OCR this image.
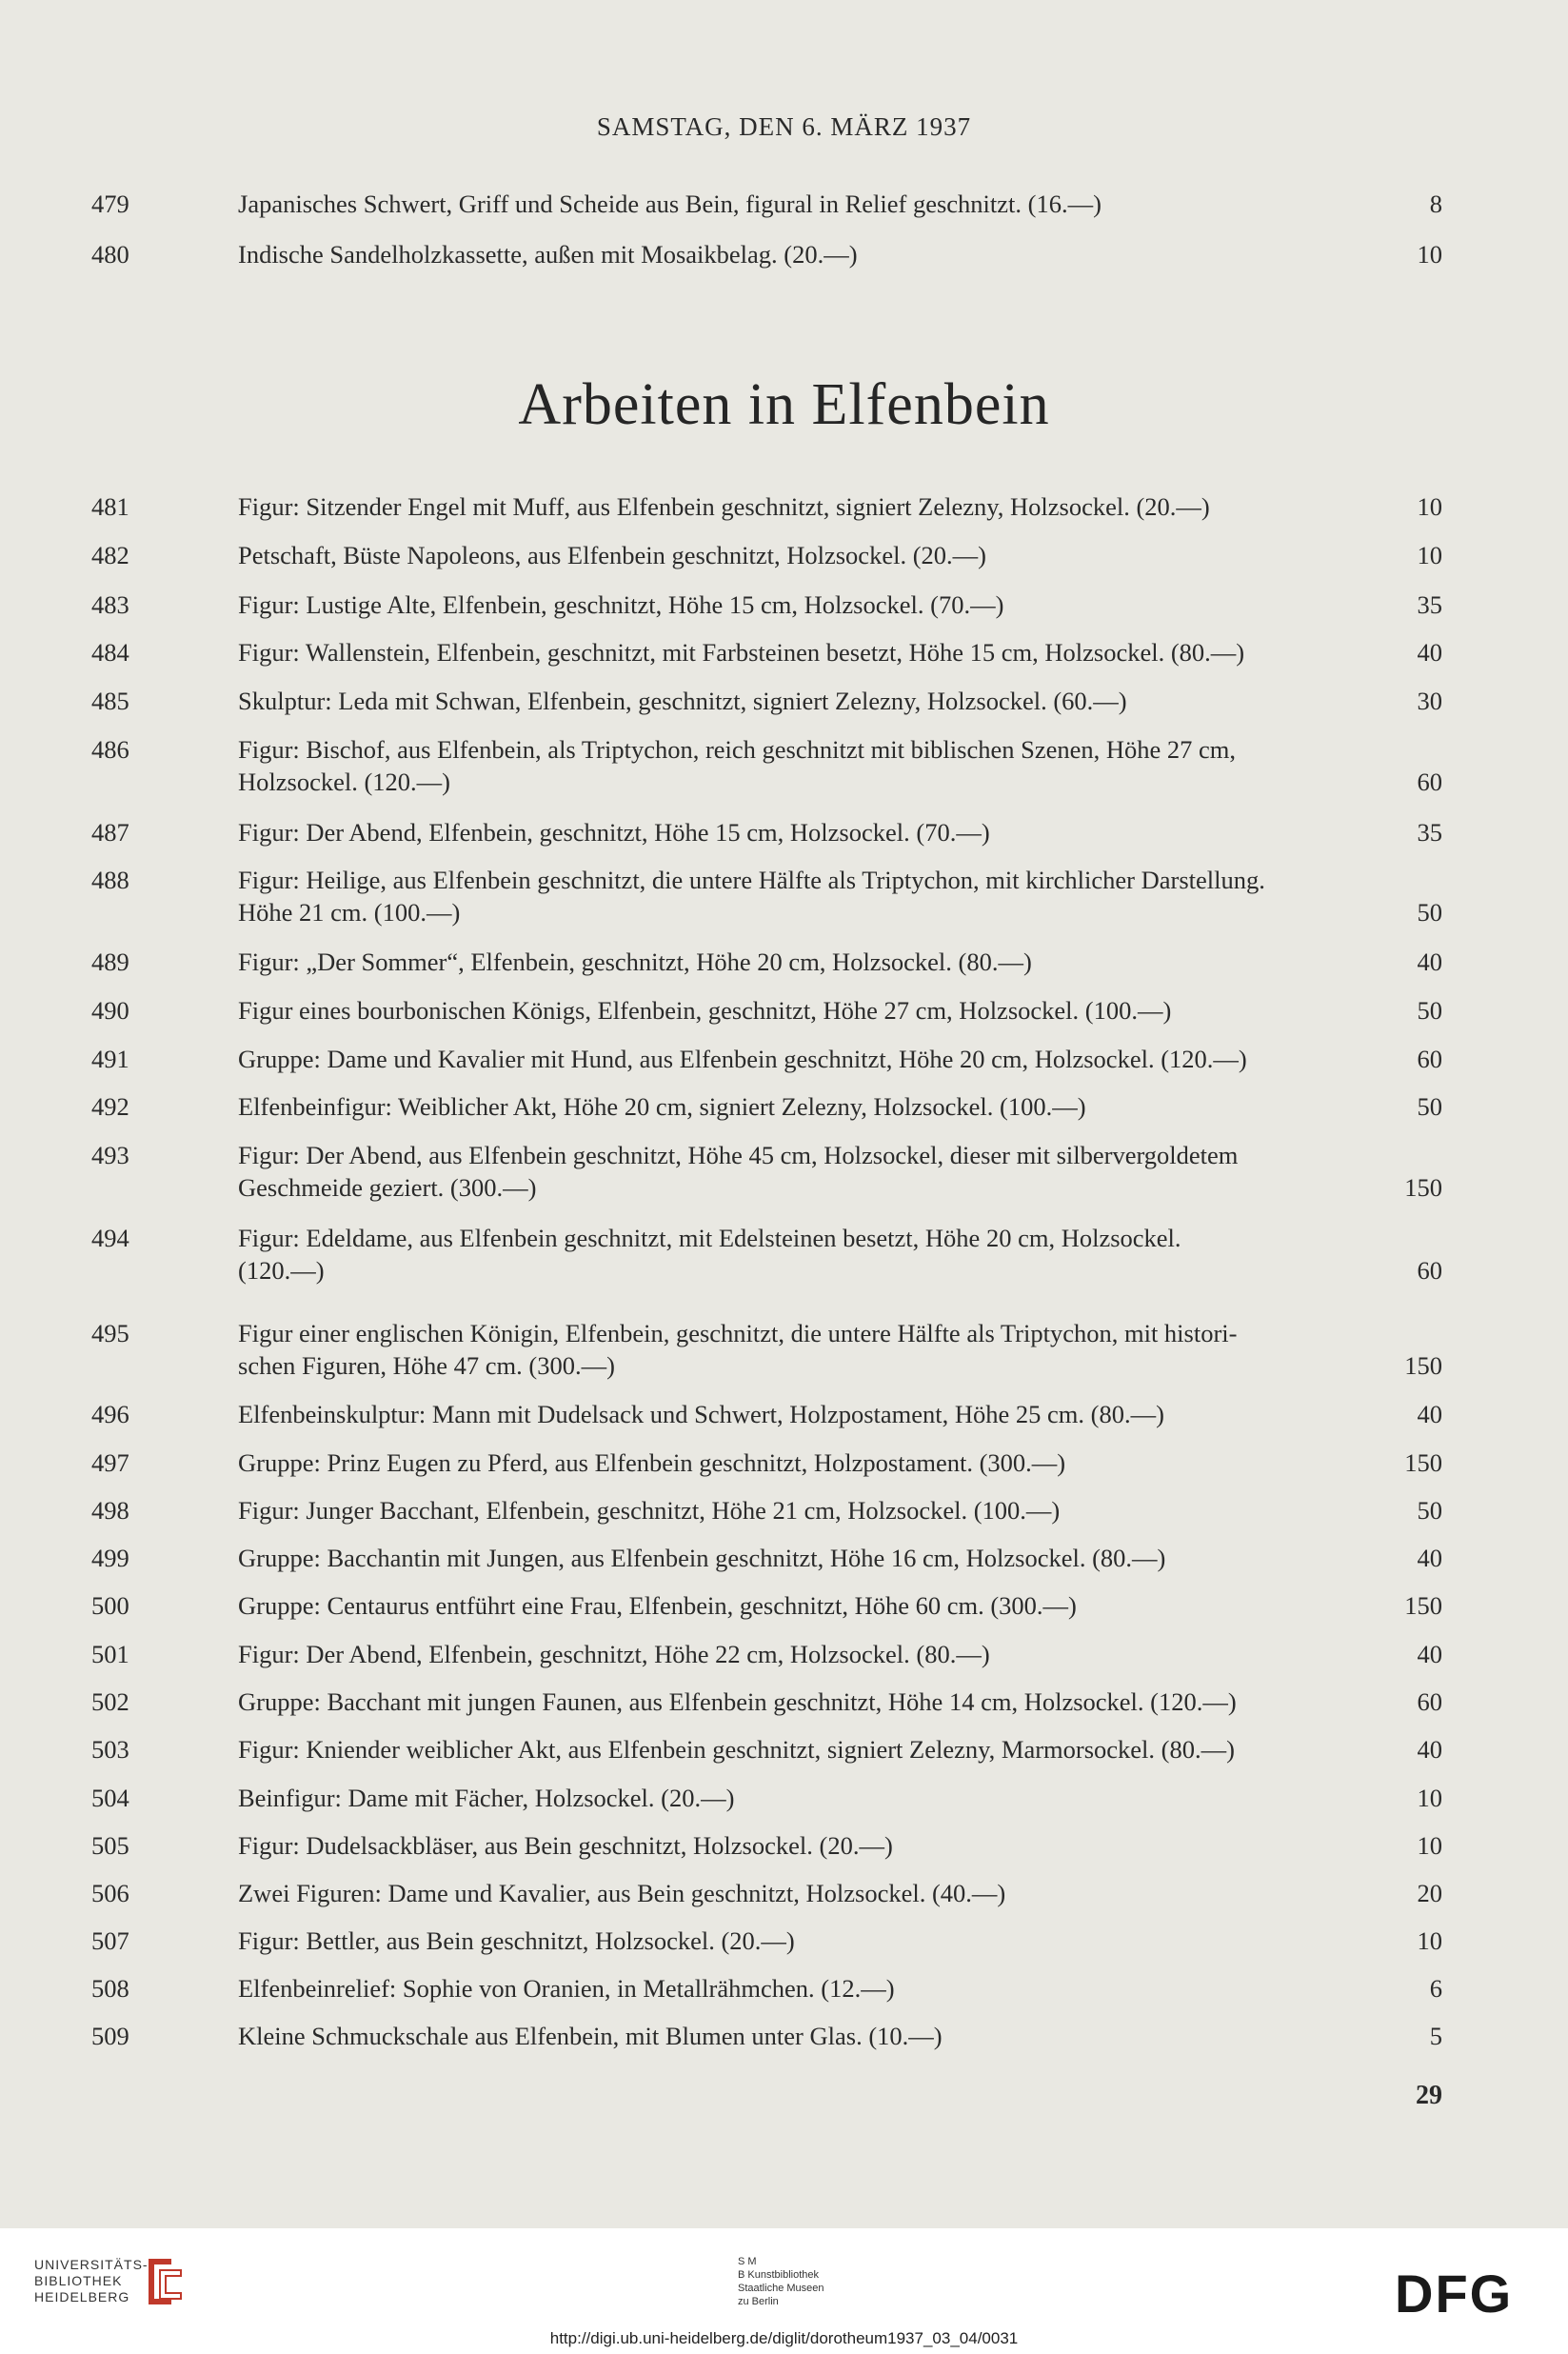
SAMSTAG, DEN 6. MÄRZ 1937
Arbeiten in Elfenbein
479	Japanisches Schwert, Griff und Scheide aus Bein, figural in Relief geschnitzt. (16.—)	8
480	Indische Sandelholzkassette, außen mit Mosaikbelag. (20.—)	10
481	Figur: Sitzender Engel mit Muff, aus Elfenbein geschnitzt, signiert Zelezny, Holzsockel. (20.—)	10
482	Petschaft, Büste Napoleons, aus Elfenbein geschnitzt, Holzsockel. (20.—)	10
483	Figur: Lustige Alte, Elfenbein, geschnitzt, Höhe 15 cm, Holzsockel. (70.—)	35
484	Figur: Wallenstein, Elfenbein, geschnitzt, mit Farbsteinen besetzt, Höhe 15 cm, Holzsockel. (80.—)	40
485	Skulptur: Leda mit Schwan, Elfenbein, geschnitzt, signiert Zelezny, Holzsockel. (60.—)	30
486	Figur: Bischof, aus Elfenbein, als Triptychon, reich geschnitzt mit biblischen Szenen, Höhe 27 cm,
Holzsockel. (120.—)	60
487	Figur: Der Abend, Elfenbein, geschnitzt, Höhe 15 cm, Holzsockel. (70.—)	35
488	Figur: Heilige, aus Elfenbein geschnitzt, die untere Hälfte als Triptychon, mit kirchlicher Darstellung.
Höhe 21 cm. (100.—)	50
489	Figur: „Der Sommer“, Elfenbein, geschnitzt, Höhe 20 cm, Holzsockel. (80.—)	40
490	Figur eines bourbonischen Königs, Elfenbein, geschnitzt, Höhe 27 cm, Holzsockel. (100.—)	50
491	Gruppe: Dame und Kavalier mit Hund, aus Elfenbein geschnitzt, Höhe 20 cm, Holzsockel. (120.—)	60
492	Elfenbeinfigur: Weiblicher Akt, Höhe 20 cm, signiert Zelezny, Holzsockel. (100.—)	50
493	Figur: Der Abend, aus Elfenbein geschnitzt, Höhe 45 cm, Holzsockel, dieser mit silbervergoldetem
Geschmeide geziert. (300.—)	150
494	Figur: Edeldame, aus Elfenbein geschnitzt, mit Edelsteinen besetzt, Höhe 20 cm, Holzsockel.
(120.—)	60
495	Figur einer englischen Königin, Elfenbein, geschnitzt, die untere Hälfte als Triptychon, mit histori-
schen Figuren, Höhe 47 cm. (300.—)	150
496	Elfenbeinskulptur: Mann mit Dudelsack und Schwert, Holzpostament, Höhe 25 cm. (80.—)	40
497	Gruppe: Prinz Eugen zu Pferd, aus Elfenbein geschnitzt, Holzpostament. (300.—)	150
498	Figur: Junger Bacchant, Elfenbein, geschnitzt, Höhe 21 cm, Holzsockel. (100.—)	50
499	Gruppe: Bacchantin mit Jungen, aus Elfenbein geschnitzt, Höhe 16 cm, Holzsockel. (80.—)	40
500	Gruppe: Centaurus entführt eine Frau, Elfenbein, geschnitzt, Höhe 60 cm. (300.—)	150
501	Figur: Der Abend, Elfenbein, geschnitzt, Höhe 22 cm, Holzsockel. (80.—)	40
502	Gruppe: Bacchant mit jungen Faunen, aus Elfenbein geschnitzt, Höhe 14 cm, Holzsockel. (120.—)	60
503	Figur: Kniender weiblicher Akt, aus Elfenbein geschnitzt, signiert Zelezny, Marmorsockel. (80.—)	40
504	Beinfigur: Dame mit Fächer, Holzsockel. (20.—)	10
505	Figur: Dudelsackbläser, aus Bein geschnitzt, Holzsockel. (20.—)	10
506	Zwei Figuren: Dame und Kavalier, aus Bein geschnitzt, Holzsockel. (40.—)	20
507	Figur: Bettler, aus Bein geschnitzt, Holzsockel. (20.—)	10
508	Elfenbeinrelief: Sophie von Oranien, in Metallrähmchen. (12.—)	6
509	Kleine Schmuckschale aus Elfenbein, mit Blumen unter Glas. (10.—)	5
29
UNIVERSITÄTS-
BIBLIOTHEK
HEIDELBERG
S M
B Kunstbibliothek
Staatliche Museen
zu Berlin	DFG
http://digi.ub.uni-heidelberg.de/diglit/dorotheum1937_03_04/0031
